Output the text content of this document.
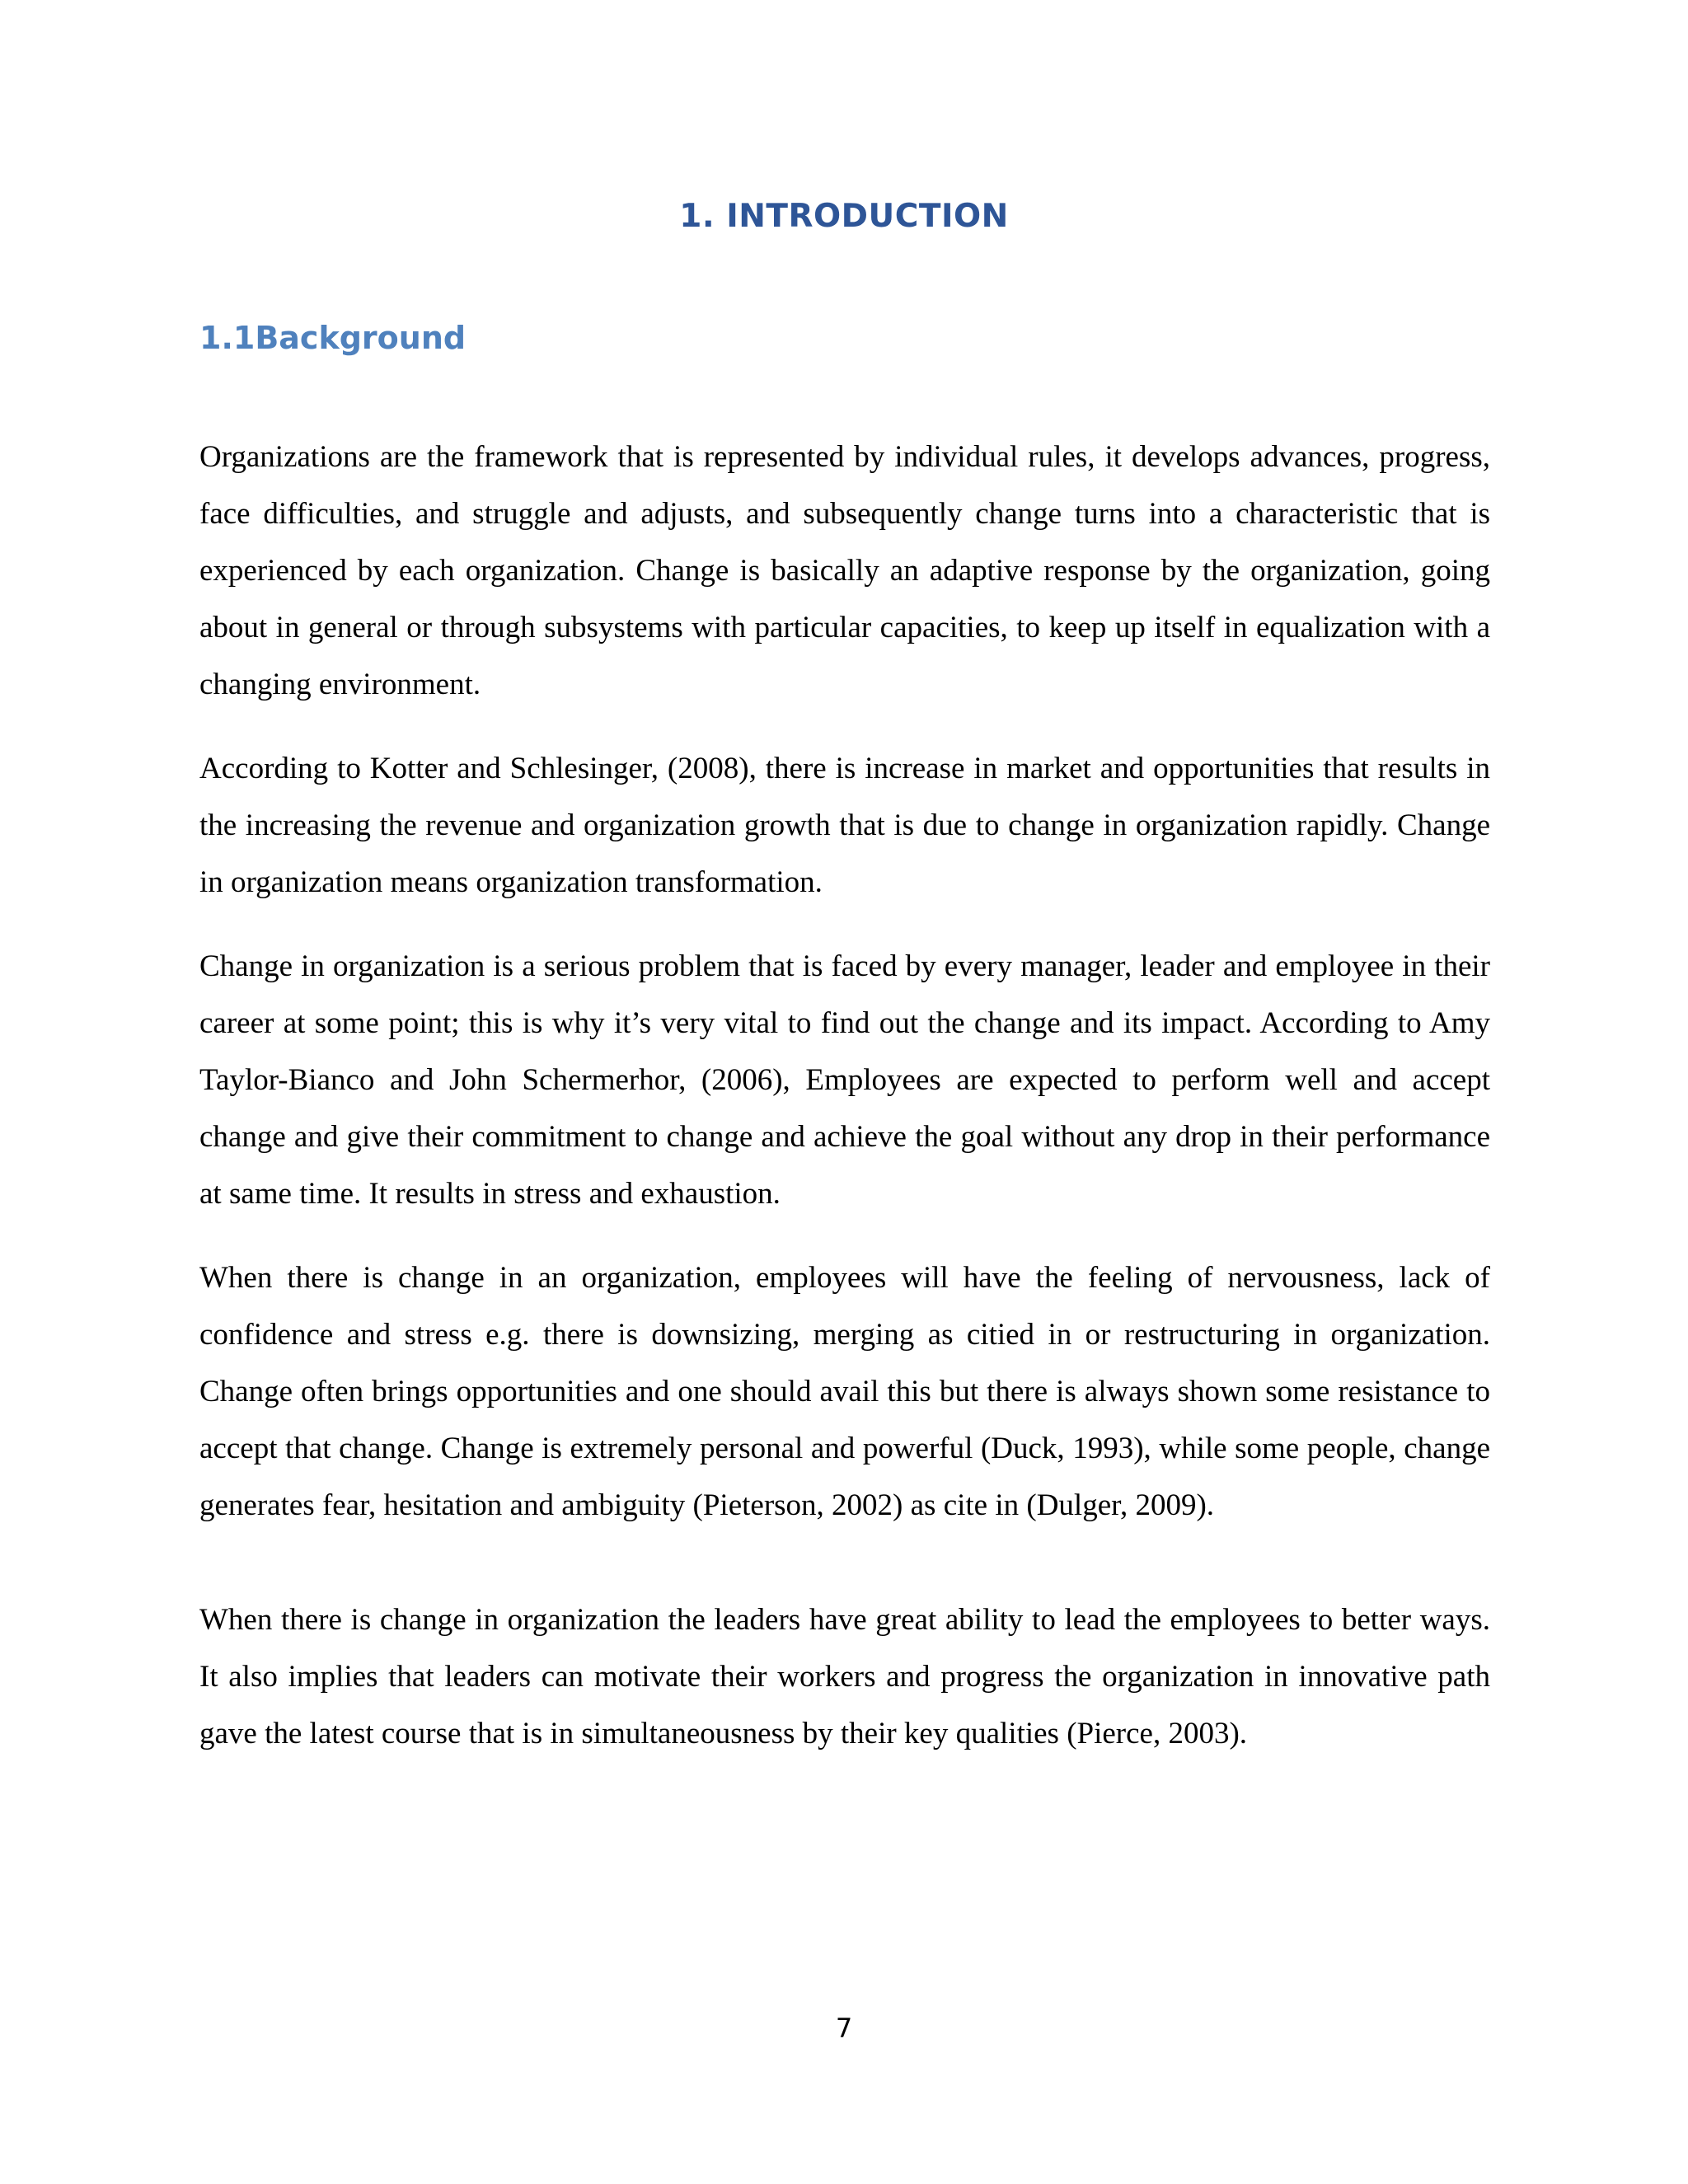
1. INTRODUCTION
1.1Background

Organizations are the framework that is represented by individual rules, it develops advances, progress, face difficulties, and struggle and adjusts, and subsequently change turns into a characteristic that is experienced by each organization. Change is basically an adaptive response by the organization, going about in general or through subsystems with particular capacities, to keep up itself in equalization with a changing environment.

According to Kotter and Schlesinger, (2008), there is increase in market and opportunities that results in the increasing the revenue and organization growth that is due to change in organization rapidly. Change in organization means organization transformation.

Change in organization is a serious problem that is faced by every manager, leader and employee in their career at some point; this is why it’s very vital to find out the change and its impact. According to Amy Taylor-Bianco and John Schermerhor, (2006), Employees are expected to perform well and accept change and give their commitment to change and achieve the goal without any drop in their performance at same time. It results in stress and exhaustion.

When there is change in an organization, employees will have the feeling of nervousness, lack of confidence and stress e.g. there is downsizing, merging as citied in or restructuring in organization. Change often brings opportunities and one should avail this but there is always shown some resistance to accept that change. Change is extremely personal and powerful (Duck, 1993), while some people, change generates fear, hesitation and ambiguity (Pieterson, 2002) as cite in (Dulger, 2009).

When there is change in organization the leaders have great ability to lead the employees to better ways. It also implies that leaders can motivate their workers and progress the organization in innovative path gave the latest course that is in simultaneousness by their key qualities (Pierce, 2003).

7
